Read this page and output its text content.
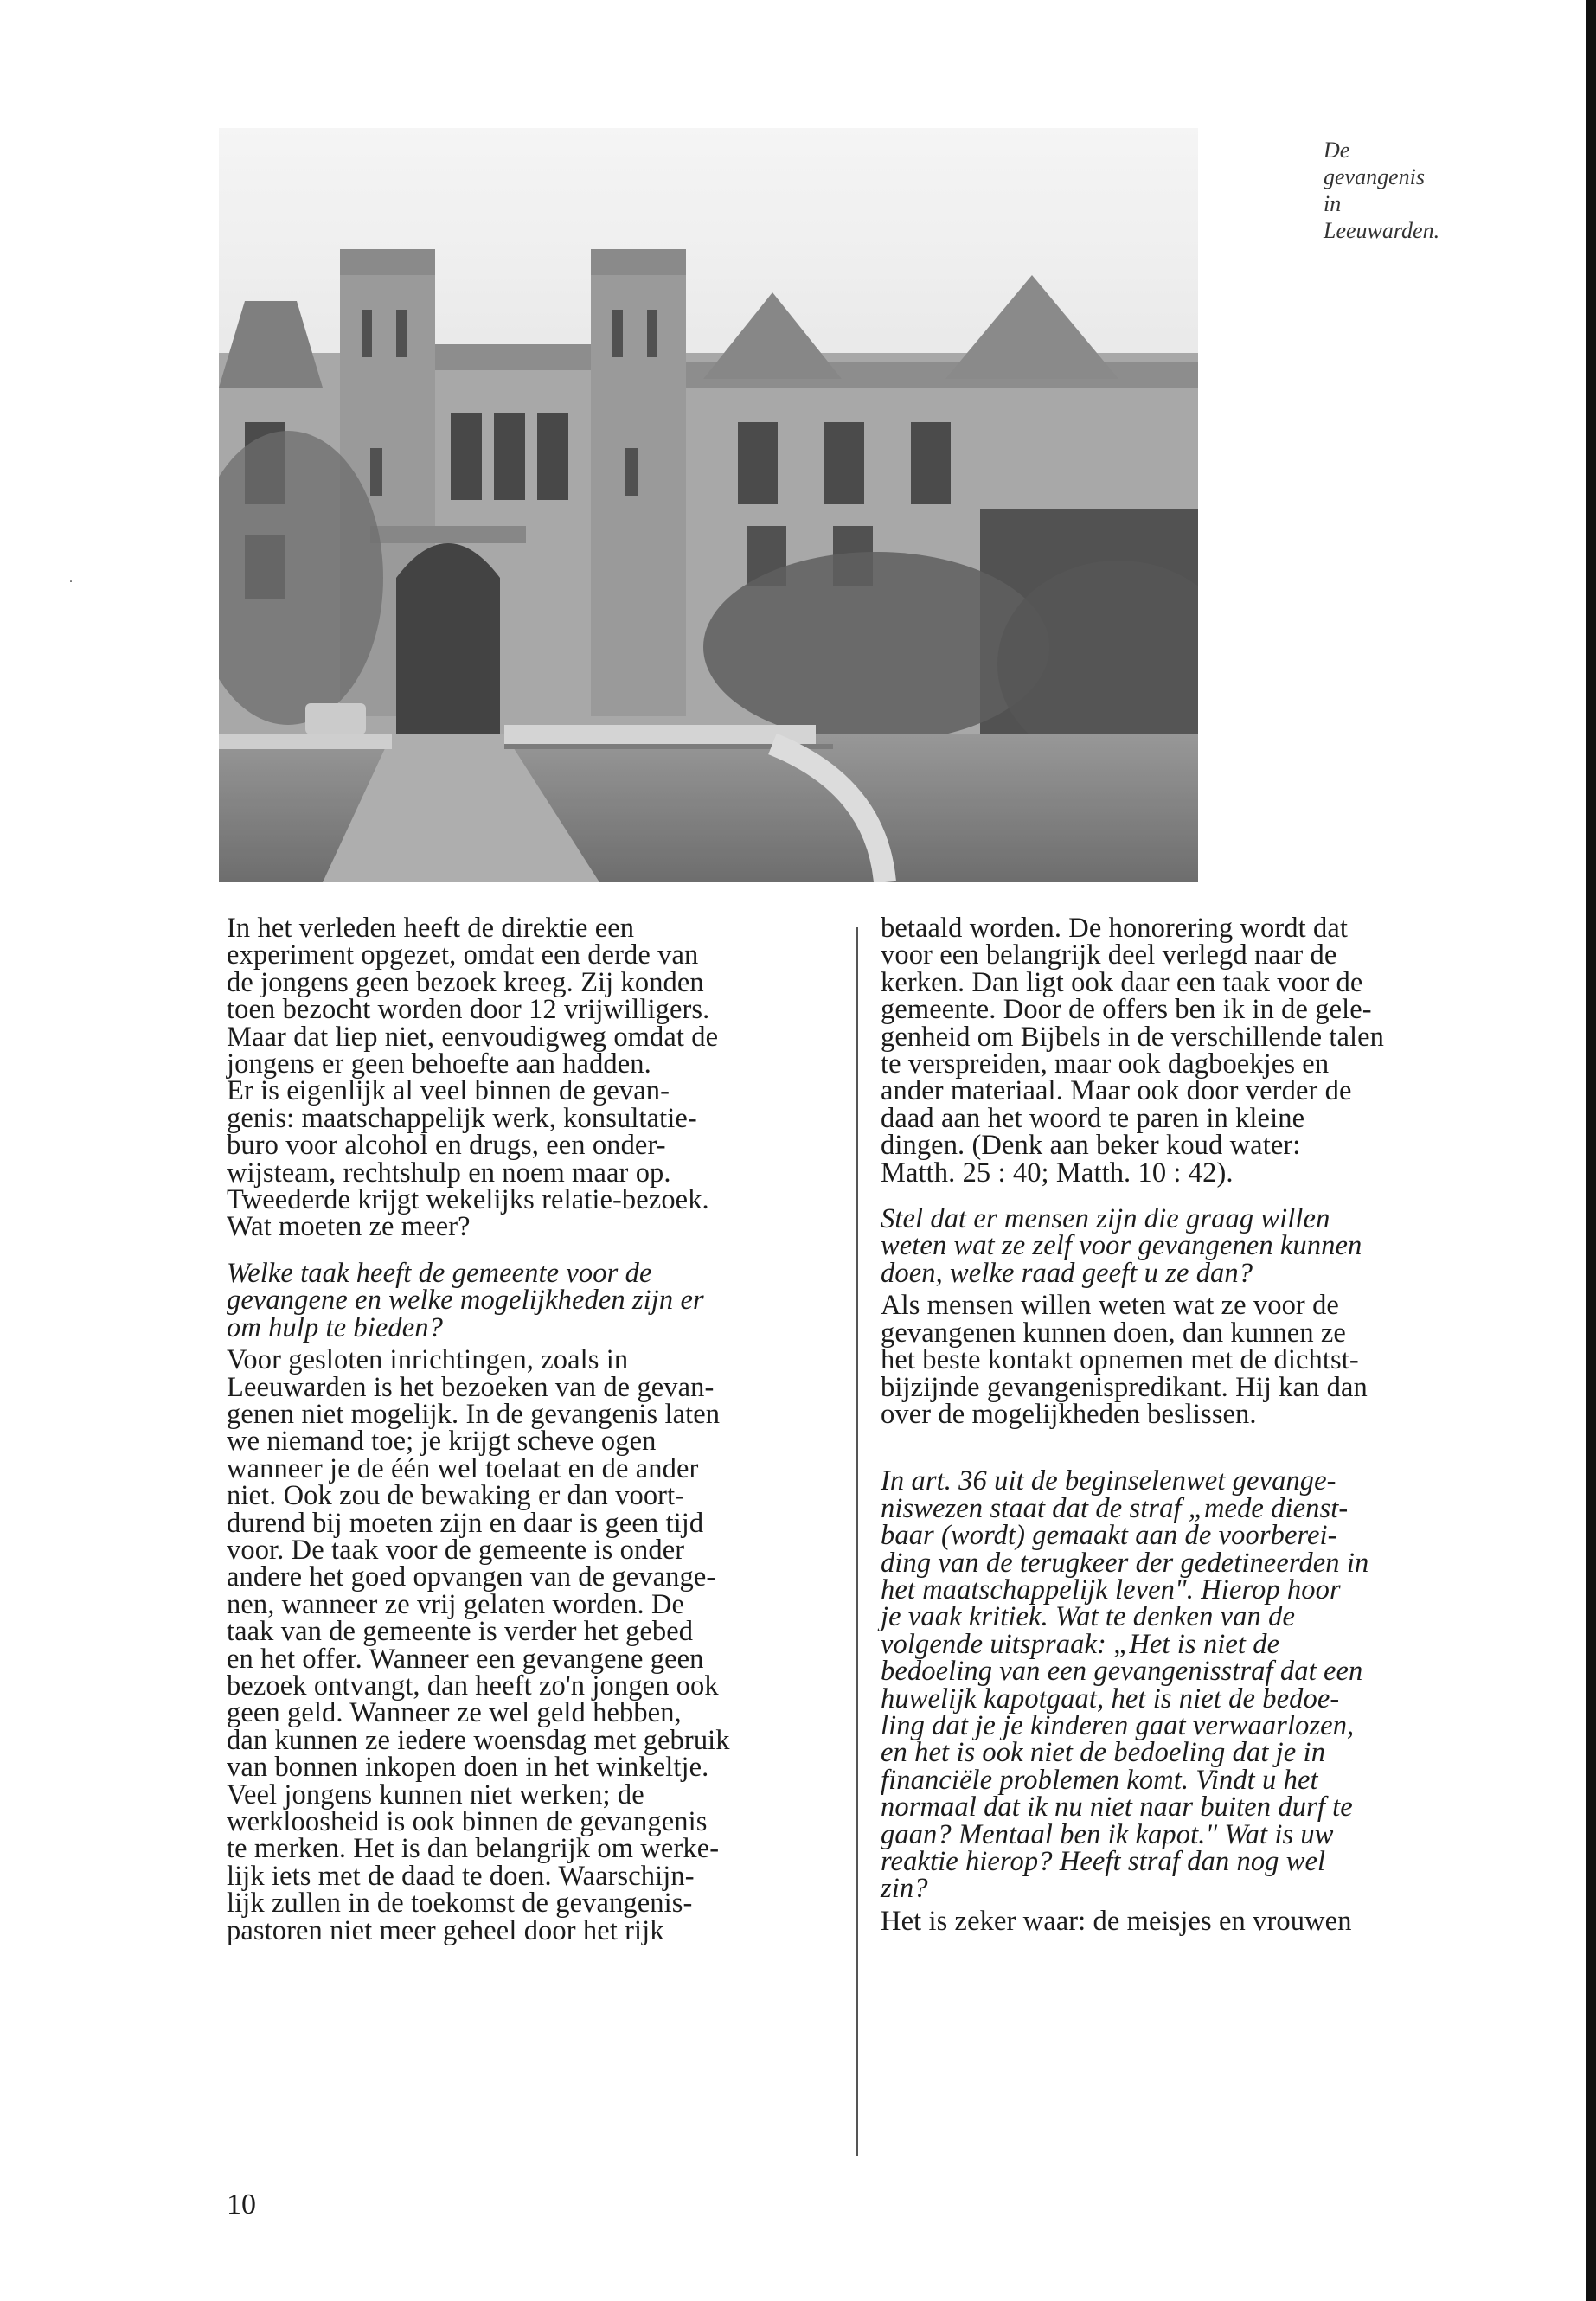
.
De
gevangenis
in
Leeuwarden.
In het verleden heeft de direktie een
experiment opgezet, omdat een derde van
de jongens geen bezoek kreeg. Zij konden
toen bezocht worden door 12 vrijwilligers.
Maar dat liep niet, eenvoudigweg omdat de
jongens er geen behoefte aan hadden.
Er is eigenlijk al veel binnen de gevan-
genis: maatschappelijk werk, konsultatie-
buro voor alcohol en drugs, een onder-
wijsteam, rechtshulp en noem maar op.
Tweederde krijgt wekelijks relatie-bezoek.
Wat moeten ze meer?
Welke taak heeft de gemeente voor de
gevangene en welke mogelijkheden zijn er
om hulp te bieden?
Voor gesloten inrichtingen, zoals in
Leeuwarden is het bezoeken van de gevan-
genen niet mogelijk. In de gevangenis laten
we niemand toe; je krijgt scheve ogen
wanneer je de één wel toelaat en de ander
niet. Ook zou de bewaking er dan voort-
durend bij moeten zijn en daar is geen tijd
voor. De taak voor de gemeente is onder
andere het goed opvangen van de gevange-
nen, wanneer ze vrij gelaten worden. De
taak van de gemeente is verder het gebed
en het offer. Wanneer een gevangene geen
bezoek ontvangt, dan heeft zo'n jongen ook
geen geld. Wanneer ze wel geld hebben,
dan kunnen ze iedere woensdag met gebruik
van bonnen inkopen doen in het winkeltje.
Veel jongens kunnen niet werken; de
werkloosheid is ook binnen de gevangenis
te merken. Het is dan belangrijk om werke-
lijk iets met de daad te doen. Waarschijn-
lijk zullen in de toekomst de gevangenis-
pastoren niet meer geheel door het rijk
betaald worden. De honorering wordt dat
voor een belangrijk deel verlegd naar de
kerken. Dan ligt ook daar een taak voor de
gemeente. Door de offers ben ik in de gele-
genheid om Bijbels in de verschillende talen
te verspreiden, maar ook dagboekjes en
ander materiaal. Maar ook door verder de
daad aan het woord te paren in kleine
dingen. (Denk aan beker koud water:
Matth. 25 : 40; Matth. 10 : 42).
Stel dat er mensen zijn die graag willen
weten wat ze zelf voor gevangenen kunnen
doen, welke raad geeft u ze dan?
Als mensen willen weten wat ze voor de
gevangenen kunnen doen, dan kunnen ze
het beste kontakt opnemen met de dichtst-
bijzijnde gevangenispredikant. Hij kan dan
over de mogelijkheden beslissen.
In art. 36 uit de beginselenwet gevange-
niswezen staat dat de straf „mede dienst-
baar (wordt) gemaakt aan de voorberei-
ding van de terugkeer der gedetineerden in
het maatschappelijk leven". Hierop hoor
je vaak kritiek. Wat te denken van de
volgende uitspraak: „Het is niet de
bedoeling van een gevangenisstraf dat een
huwelijk kapotgaat, het is niet de bedoe-
ling dat je je kinderen gaat verwaarlozen,
en het is ook niet de bedoeling dat je in
financiële problemen komt. Vindt u het
normaal dat ik nu niet naar buiten durf te
gaan? Mentaal ben ik kapot." Wat is uw
reaktie hierop? Heeft straf dan nog wel
zin?
Het is zeker waar: de meisjes en vrouwen
10
